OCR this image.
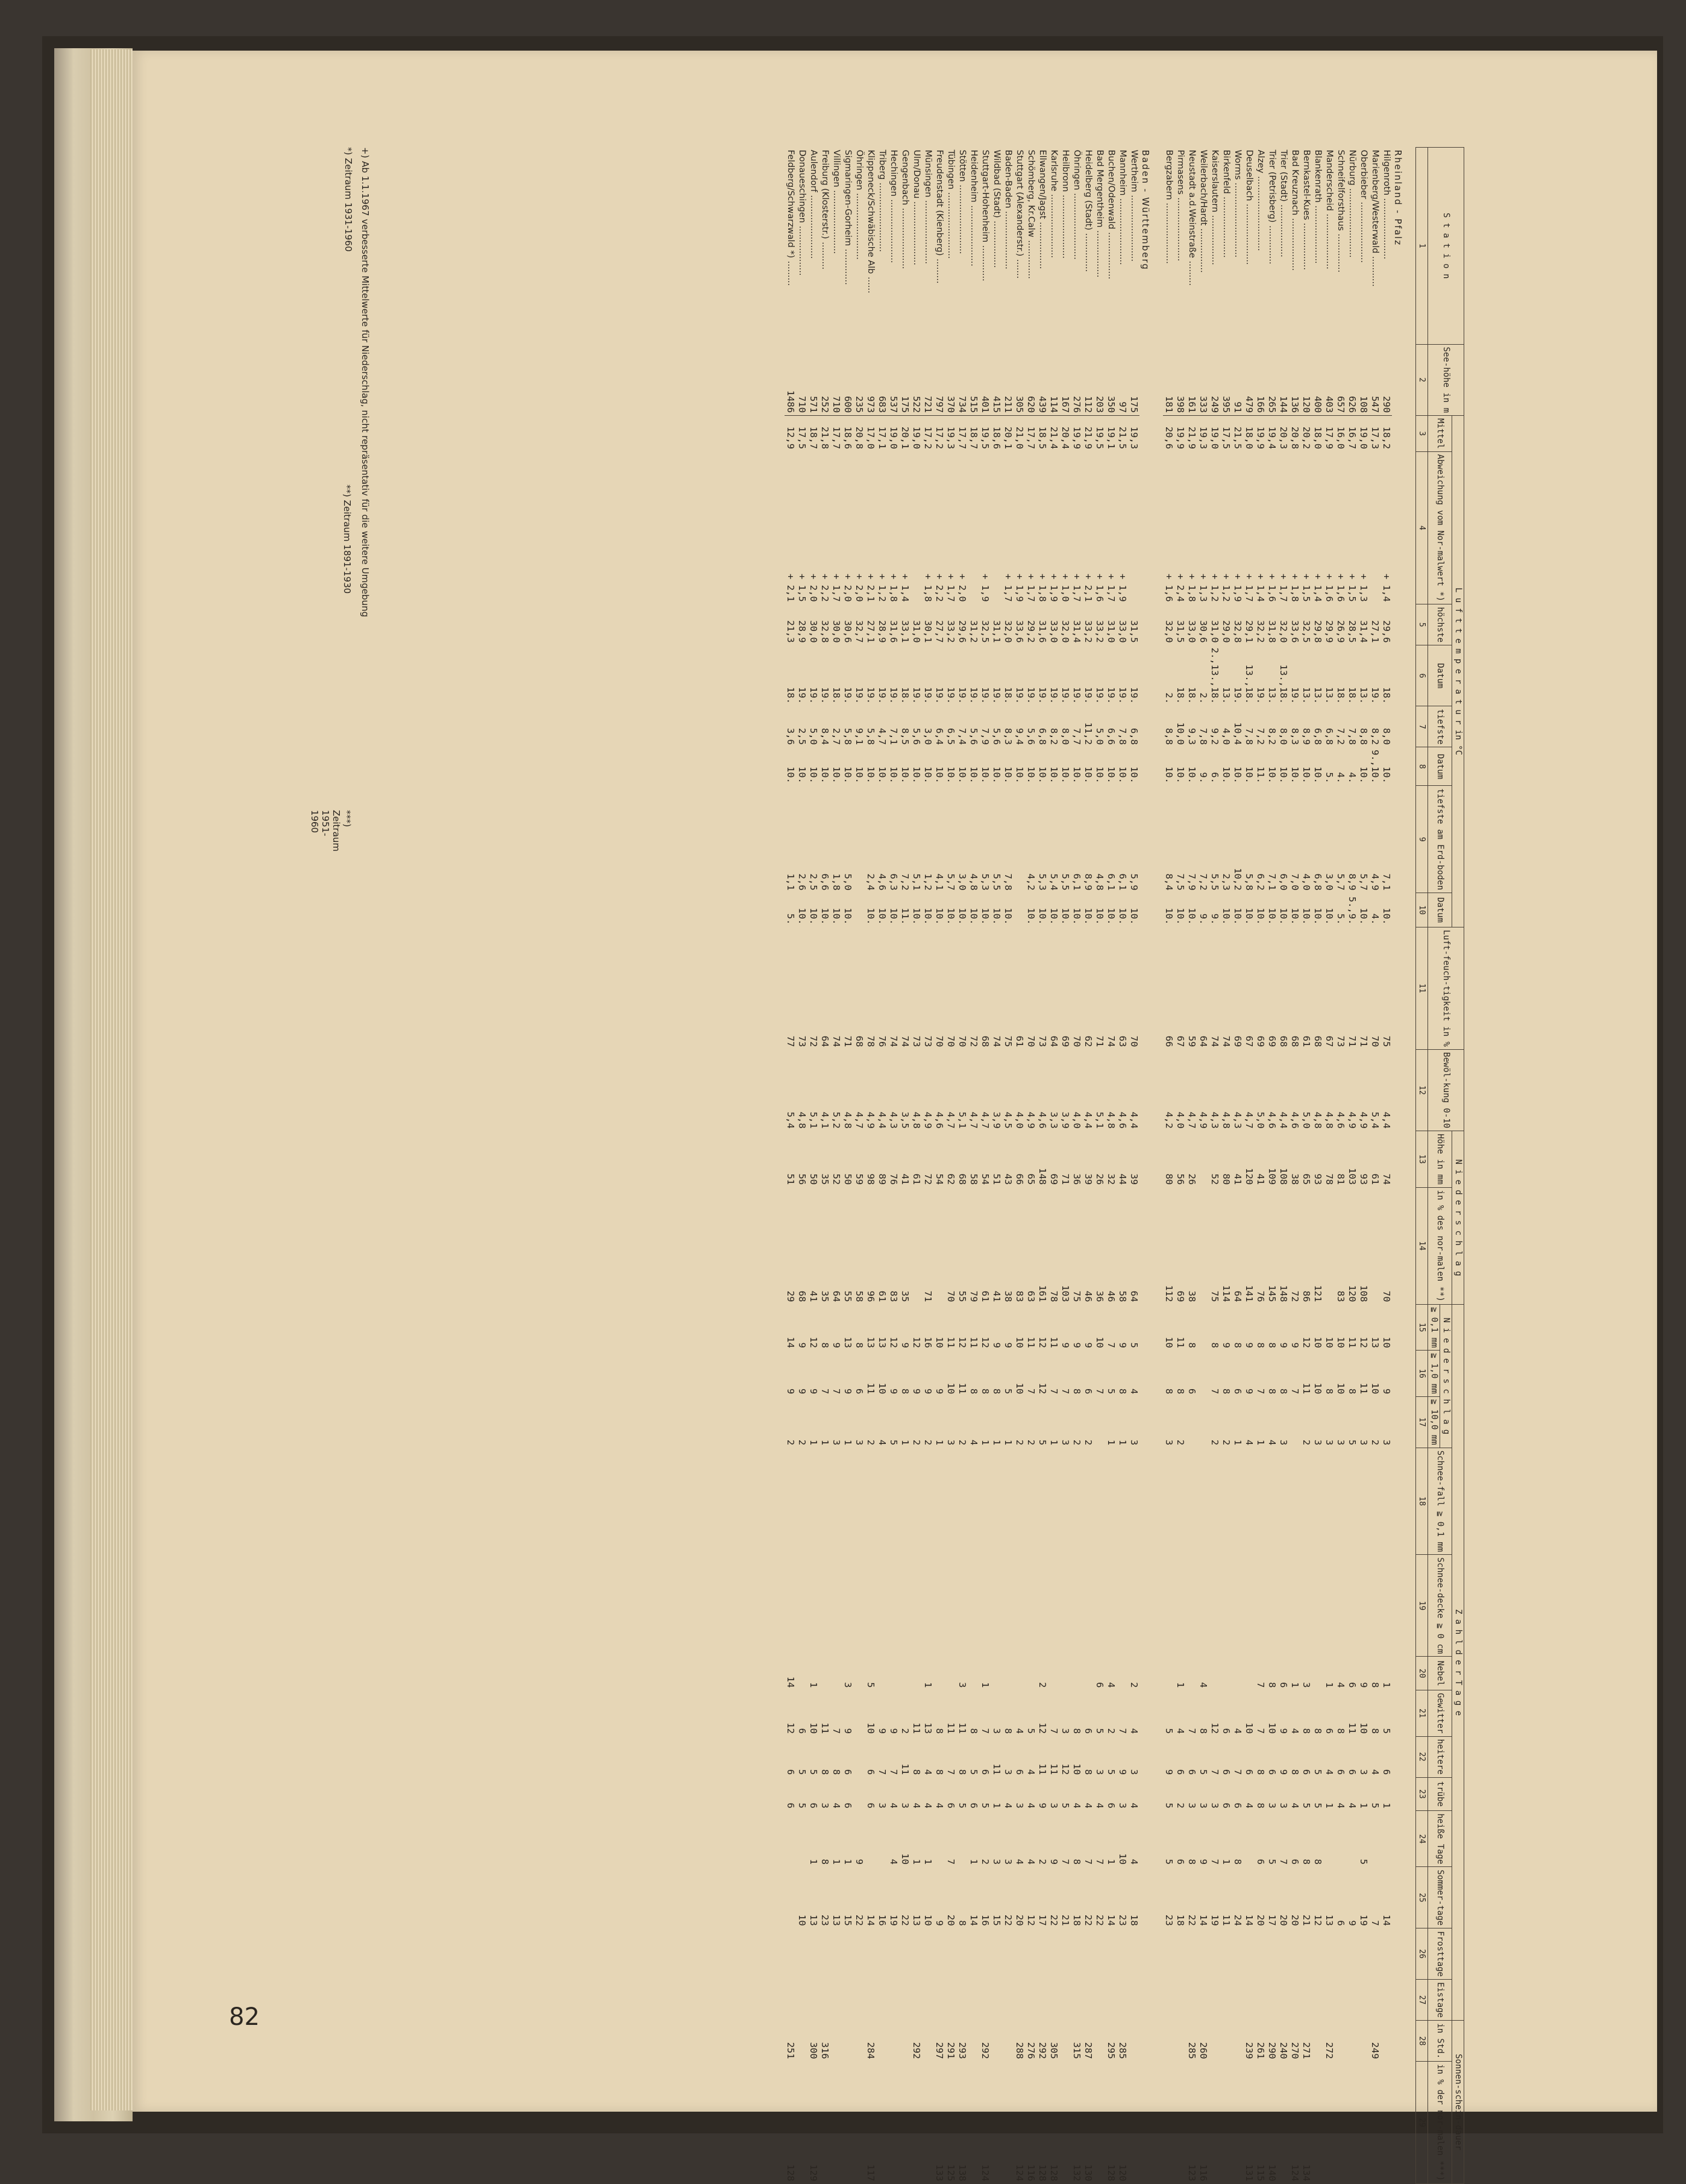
82
S t a t i o n	See-höhe in m	L u f t t e m p e r a t u r in °C								Luft-feuch-tigkeit in %	Bewöl-kung 0-10	N i e d e r s c h l a g		Z a h l d e r T a g e													Sonnen-schein-dauer	
		Mittel	Abweichung vom Nor-malwert *)	höchste	Datum	tiefste	Datum	tiefste am Erd-boden	Datum			Höhe in mm	in % des nor-malen **)	N i e d e r s c h l a g			Schnee-fall ≧ 0,1 mm	Schnee-decke ≧ 0 cm	Nebel	Gewitter	heitere	trübe	heiße Tage	Sommer-tage	Frosttage	Eistage	in Std.	in % der nor-malen ***)
														≧ 0,1 mm	≧ 1,0 mm	≧ 10,0 mm												
1	2	3	4	5	6	7	8	9	10	11	12	13	14	15	16	17	18	19	20	21	22	23	24	25	26	27	28	29

Rheinland - Pfalz																												
Hilgenroth ......................	290	18,2	+ 1,4	29,6	18.	8,0	10.	7,1	10.	75	4,4	74	70	10	9	3			1	5	6	1		14				
Marienberg/Westerwald ...........	547	17,3		27,1	19.	8,2	9.,10.	4,9	4.	70	5,4	61		13	10	2			8	8	4	5		7			249	
Oberbieber ......................	108	19,0	+ 1,3	31,4	13.	8,8	10.	5,7	10.	71	4,9	93	108	12	11	3			9	10	3	1	5	19				
Nürburg .........................	626	16,7	+ 1,5	28,5	18.	7,8	4.	8,9	5.,9.	71	4,9	103	120	11	8	5			6	11	6	4		9				
Schneifelforsthaus ..............	657	16,0	+ 1,6	26,9	18.	7,2	4.	5,7	5.	73	4,6	81	83	10	10	3			4	8	6	4		6				
Manderscheid ....................	403	17,9	+ 1,6	29,9	13.	6,8	5.	3,0	10.	67	4,8	78		10	8	3			1	6	4	1		13			272	
Blankenrath .....................	400	18,0	+ 1,4	29,8	13.	6,8	10.	6,8	10.	68	4,8	93	121	10	10	3				8	5	5	8	12				
Bernkastel-Kues .................	120	20,2	+ 1,5	32,5	13.	8,9	10.	4,0	10.	61	5,0	65	86	12	11	2			3	8	6	5	8	21			271	134
Bad Kreuznach ...................	136	20,8	+ 1,8	33,6	19.	8,3	10.	7,0	10.	68	4,6	38	72	9	7				1	4	8	4	6	20			270	124
Trier (Stadt) ...................	144	20,3	+ 1,7	32,0	13.,18.	8,0	10.	6,0	10.	68	4,4	108	148	9	8	3			6	9	9	3	7	20			240	
Trier (Petrisberg) ..............	265	19,4	+ 1,6	31,8	13.	8,2	10.	7,1	10.	69	4,6	109	145	8	8	4			8	10	6	3	5	17			290	140
Alzey ...........................	166	19,9	+ 1,4	32,2	19.	7,2	11.	6,2	10.	69	5,0	41	76	8	7	1			7	7	8	8	6	20			261	115
Deuselbach ......................	479	18,0	+ 1,7	29,1	13.,18.	7,8	10.	5,8	10.	67	4,7	120	141	9	9	4				10	6	4		14			239	131
Worms ...........................	91	21,5	+ 1,9	32,8	19.	10,4	10.	10,2	10.	69	4,3	41	64	8	6	1				4	7	6	8	24				
Birkenfeld ......................	395	17,5	+ 1,2	29,0	13.	4,0	10.	2,3	10.	74	4,8	80	114	9	8	2				6	6	6	1	11				
Kaiserslautern ..................	249	19,0	+ 1,2	31,0	2.,13.,18.	9,2	6.	5,5	9.	74	4,3	52	75	8	7	2				12	7	3	7	19				
Weilerbach/Hardt ................	333	19,3	+ 1,3	30,6	2.	7,8	9.	7,2	9.	64	4,9								4	8	5	3	9	14			260	116
Neustadt a.d.Weinstraße .........	161	21,9	+ 1,8	33,0	18.	9,3	10.	7,9	10.	59	4,7	26	38	8	6					7	6	3	8	22			285	123
Pirmasens .......................	398	19,9	+ 2,4	31,5	18.	10,0	10.	7,5	10.	67	4,0	56	69	11	8	2			1	4	6	2	6	18				
Bergzabern ......................	181	20,6	+ 1,6	32,0	2.	8,8	10.	8,4	10.	66	4,2	80	112	10	8	3				5	9	5	5	23				

Baden - Württemberg																												
Wertheim ........................	175	19,3		31,5	19.	6,8	10.	5,9	10.	70	4,4	39	64	5	4	3			2	4	3	4	4	18				
Mannheim ........................	97	21,5	+ 1,9	33,0	19.	7,8	10.	6,1	10.	63	4,6	44	58	9	8	1				7	9	3	10	23			285	120
Buchen/Odenwald .................	350	19,1	+ 1,7	31,0	19.	6,6	10.	6,1	10.	74	4,8	32	46	7	5	1			4	2	5	6	1	14			295	128
Bad Mergentheim .................	203	19,5	+ 1,6	33,2	19.	5,0	10.	4,8	10.	71	5,1	26	36	10	7				6	5	3	4	7	22				
Heidelberg (Stadt) ..............	112	21,9	+ 2,1	33,2	19.	11,2	10.	8,9	10.	62	4,4	39	46	9	6	2				6	8	4	7	22			287	130
Öhringen ........................	276	19,9	+ 1,7	31,4	19.	7,7	10.	6,1	10.	70	4,0	36	75	9	8	2				8	10	4	8	18			315	132
Heilbronn .......................	167	20,4	+ 1,0	32,0	19.	8,0	10.	5,5	10.	69	3,9	71	103	9	7	3				3	12	5	7	21				
Karlsruhe .......................	114	21,4	+ 1,9	33,0	19.	8,2	10.	5,4	10.	64	3,3	69	78	11	7	1				7	11	3	9	22			305	128
Ellwangen/Jagst .................	439	18,5	+ 1,8	31,6	19.	6,8	10.	5,3	10.	73	4,6	148	161	12	12	5			2	12	11	9	2	17			292	128
Schömberg, Kr.Calw ..............	620	17,7	+ 1,7	29,2	19.	5,6	10.	4,2	10.	70	4,9	65	63	11	7	2				5	4	4	4	12			276	116
Stuttgart (Alexanderstr.) .......	305	21,0	+ 1,9	33,6	19.	9,4	10.			61	4,0	66	83	10	10	2				4	6	3	4	20			288	124
Baden-Baden .....................	211	20,1	+ 1,7	32,0	18.	8,3	10.	7,8	10.	75	4,5	43	38	9	5	1				8	3	4	3	22				
Wildbad (Stadt) .................	415	18,6		31,1	19.	5,6	10.	5,5	10.	74	3,9	51	41	9	8	1				3	11	1	3	15				
Stuttgart-Hohenheim .............	401	19,5	+ 1,9	32,5	19.	7,9	10.	5,3	10.	68	4,7	54	61	12	8	1			1	7	6	5	2	16			292	124
Heidenheim ......................	515	18,7		31,2	19.	5,6	10.	4,8	10.	72	4,7	58	79	11	8	4				8	5	6	1	14				
Stötten .........................	734	17,7	+ 2,0	29,6	19.	7,4	10.	3,0	10.	70	5,1	68	55	12	11	2			3	11	8	5		8			293	138
Tübingen ........................	370	19,3	+ 1,7	33,2	19.	6,5	10.	5,7	10.	70	4,7	62	70	11	10	3				11	7	6	7	20			291	125
Freudenstadt (Kienberg) .........	797	17,2	+ 2,2	27,7	19.	6,4	10.	4,1	10.	70	4,6	54		10	9	1				8	8	4		9			297	133
Münsingen .......................	721	17,2	+ 1,8	30,1	19.	3,0	10.	1,2	10.	73	4,9	72	71	16	9	2			1	13	4	4	1	10				
Ulm/Donau .......................	522	19,0		31,0	19.	5,6	10.	5,1	10.	73	4,8	61		12	9	2				11	8	4	1	13			292	
Gengenbach ......................	175	20,1	+ 1,4	33,1	18.	8,5	10.	7,2	11.	74	3,5	41	35	9	8	1				2	11	3	10	22				
Hechingen .......................	537	19,0	+ 1,8	31,6	19.	7,1	10.	6,3	10.	74	4,3	76	83	12	9	5				9	7	4	4	19				
Triberg .........................	683	17,1	+ 1,2	28,9	19.	4,7	10.	4,6	10.	76	4,4	89	61	13	10	4				9	7	3		16				
Klippeneck/Schwäbische Alb ......	973	17,0	+ 2,1	27,1	19.	5,8	10.	2,4	10.	78	4,9	98	96	13	11	2			5	10	6	6		14			284	117
Öhringen ........................	235	20,8	+ 2,0	32,7	19.	9,1	10.			68	4,7	59	58	8	6	3							9	22				
Sigmaringen-Gorheim .............	600	18,6	+ 2,0	30,6	19.	5,8	10.	5,0	10.	71	4,8	50	55	13	9	1			3	9	6	6	1	15				
Villingen .......................	710	17,7	+ 1,7	30,0	18.	2,7	10.	1,8	10.	74	5,2	52	64	9	7	3				7	8	4	1	13				
Freiburg (Klosterstr.) ..........	252	21,8	+ 2,2	32,8	19.	8,4	10.	6,6	10.	64	4,1	35	35	8	7	1				11	8	3	8	23			316	
Aulendorf .......................	571	18,7	+ 2,0	30,0	19.	5,0	10.	2,5	10.	72	5,1	50	41	12	9	1			1	10	5	6	1	13			300	129
Donaueschingen ..................	710	17,5	+ 1,5	28,9	19.	2,5	10.	2,6	10.	73	4,8	56	68	9	9	2				6	5	5		10				
Feldberg/Schwarzwald *) .........	1486	12,9	+ 2,1	21,3	18.	3,6	10.	1,1	5.	77	5,4	51	29	14	9	2			14	12	6	6					251	128
+) Ab 1.1.1967 verbesserte Mittelwerte für Niederschlag, nicht repräsentativ für die weitere Umgebung
*) Zeitraum 1931-1960
**) Zeitraum 1891-1930
***) Zeitraum 1951-1960
